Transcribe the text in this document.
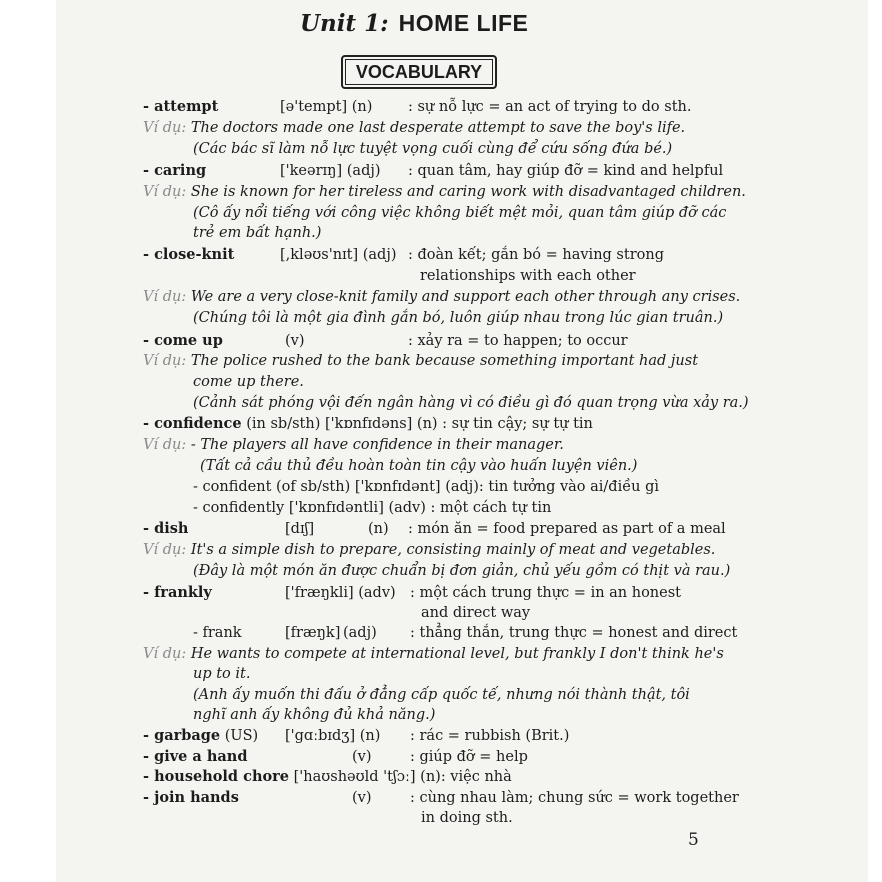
Unit 1: HOME LIFE
VOCABULARY
- attempt	[ə'tempt] (n) : sự nỗ lực = an act of trying to do sth.
Ví dụ: The doctors made one last desperate attempt to save the boy's life.
(Các bác sĩ làm nỗ lực tuyệt vọng cuối cùng để cứu sống đứa bé.)
- caring	['keərɪŋ] (adj) : quan tâm, hay giúp đỡ = kind and helpful
Ví dụ: She is known for her tireless and caring work with disadvantaged children.
(Cô ấy nổi tiếng với công việc không biết mệt mỏi, quan tâm giúp đỡ các
trẻ em bất hạnh.)
- close-knit	[,kləʊs'nɪt] (adj) : đoàn kết; gắn bó = having strong
relationships with each other
Ví dụ: We are a very close-knit family and support each other through any crises.
(Chúng tôi là một gia đình gắn bó, luôn giúp nhau trong lúc gian truân.)
- come up	(v)	: xảy ra = to happen; to occur
Ví dụ: The police rushed to the bank because something important had just
come up there.
(Cảnh sát phóng vội đến ngân hàng vì có điều gì đó quan trọng vừa xảy ra.)
- confidence (in sb/sth) ['kɒnfɪdəns] (n) : sự tin cậy; sự tự tin
Ví dụ: - The players all have confidence in their manager.
(Tất cả cầu thủ đều hoàn toàn tin cậy vào huấn luyện viên.)
- confident (of sb/sth) ['kɒnfɪdənt] (adj): tin tưởng vào ai/điều gì
- confidently ['kɒnfɪdəntli] (adv) : một cách tự tin
- dish	[dɪʃ]	(n) : món ăn = food prepared as part of a meal
Ví dụ: It's a simple dish to prepare, consisting mainly of meat and vegetables.
(Đây là một món ăn được chuẩn bị đơn giản, chủ yếu gồm có thịt và rau.)
- frankly	['fræŋkli] (adv) : một cách trung thực = in an honest
and direct way
- frank	[fræŋk] (adj) : thẳng thắn, trung thực = honest and direct
Ví dụ: He wants to compete at international level, but frankly I don't think he's
up to it.
(Anh ấy muốn thi đấu ở đẳng cấp quốc tế, nhưng nói thành thật, tôi
nghĩ anh ấy không đủ khả năng.)
- garbage (US) ['gɑːbɪdʒ] (n) : rác = rubbish (Brit.)
- give a hand	(v)	: giúp đỡ = help
- household chore ['haʊshəʊld 'tʃɔː] (n): việc nhà
- join hands	(v)	: cùng nhau làm; chung sức = work together
in doing sth.
5
